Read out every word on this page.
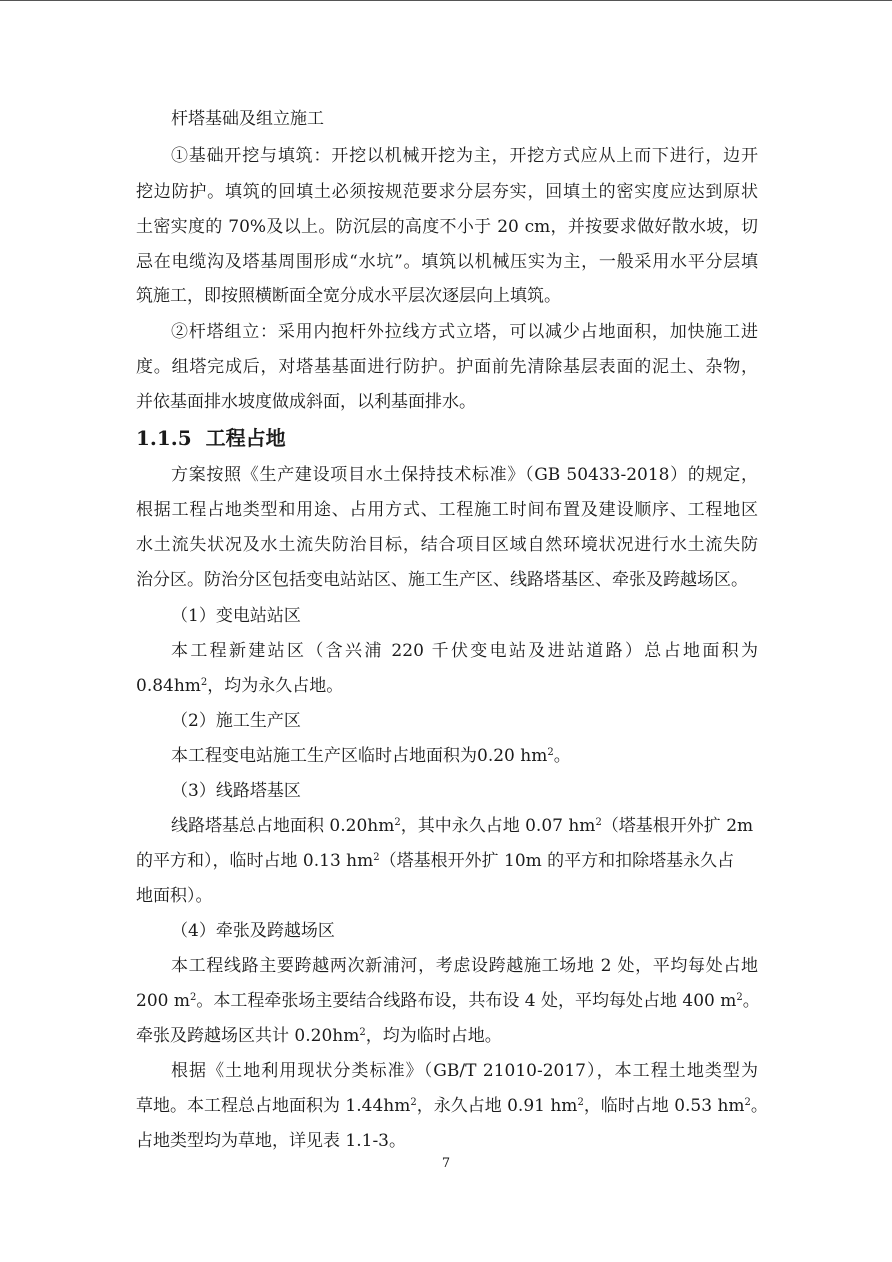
杆塔基础及组立施工
①基础开挖与填筑：开挖以机械开挖为主，开挖方式应从上而下进行，边开
挖边防护。填筑的回填土必须按规范要求分层夯实，回填土的密实度应达到原状
土密实度的 70%及以上。防沉层的高度不小于 20 cm，并按要求做好散水坡，切
忌在电缆沟及塔基周围形成“水坑”。填筑以机械压实为主，一般采用水平分层填
筑施工，即按照横断面全宽分成水平层次逐层向上填筑。
②杆塔组立：采用内抱杆外拉线方式立塔，可以减少占地面积，加快施工进
度。组塔完成后，对塔基基面进行防护。护面前先清除基层表面的泥土、杂物，
并依基面排水坡度做成斜面，以利基面排水。
1.1.5 工程占地
方案按照《生产建设项目水土保持技术标准》（GB 50433-2018）的规定，
根据工程占地类型和用途、占用方式、工程施工时间布置及建设顺序、工程地区
水土流失状况及水土流失防治目标，结合项目区域自然环境状况进行水土流失防
治分区。防治分区包括变电站站区、施工生产区、线路塔基区、牵张及跨越场区。
（1）变电站站区
本工程新建站区（含兴浦 220 千伏变电站及进站道路）总占地面积为
$0.84hm^2$，均为永久占地。
（2）施工生产区
本工程变电站施工生产区临时占地面积为0.20 $hm^2$。
（3）线路塔基区
线路塔基总占地面积 $0.20hm^2$，其中永久占地 0.07 $hm^2$（塔基根开外扩 2m
的平方和），临时占地 0.13 $hm^2$（塔基根开外扩 10m 的平方和扣除塔基永久占
地面积）。
（4）牵张及跨越场区
本工程线路主要跨越两次新浦河，考虑设跨越施工场地 2 处，平均每处占地
200 $m^2$。本工程牵张场主要结合线路布设，共布设 4 处，平均每处占地 400 $m^2$。
牵张及跨越场区共计 $0.20hm^2$，均为临时占地。
根据《土地利用现状分类标准》（GB/T 21010-2017），本工程土地类型为
草地。本工程总占地面积为 $1.44hm^2$，永久占地 0.91 $hm^2$，临时占地 0.53 $hm^2$。
占地类型均为草地，详见表 1.1-3。
7
